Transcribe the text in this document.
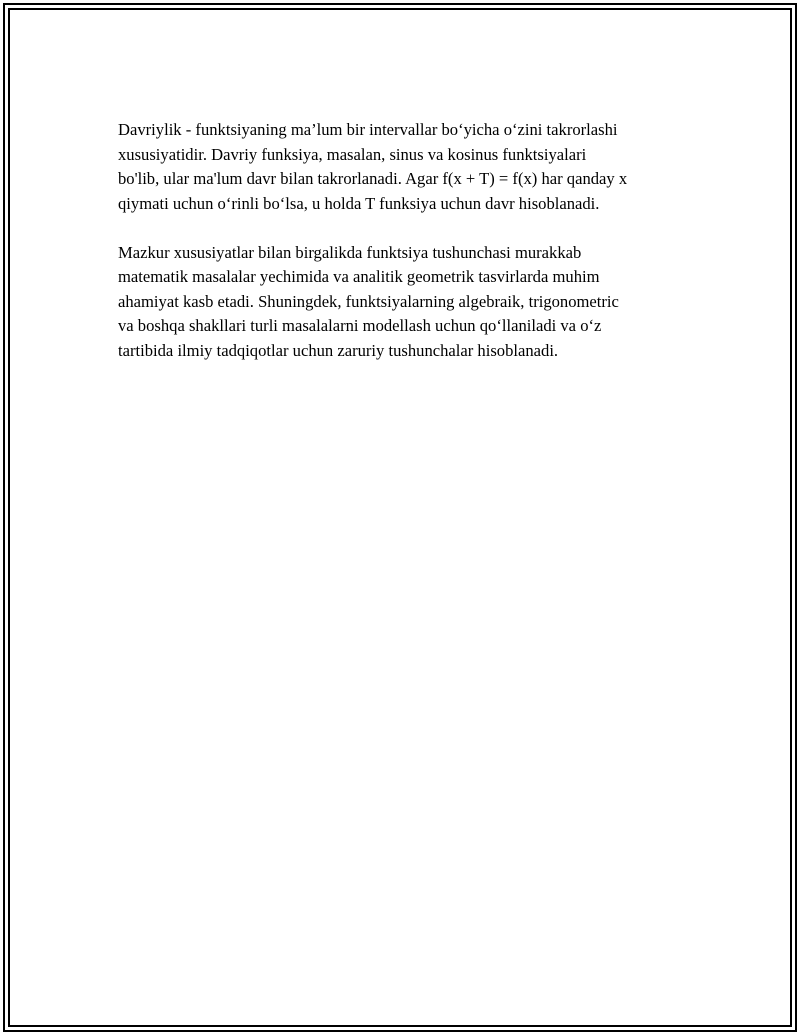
Davriylik - funktsiyaning ma’lum bir intervallar bo‘yicha o‘zini takrorlashi
xususiyatidir. Davriy funksiya, masalan, sinus va kosinus funktsiyalari
bo'lib, ular ma'lum davr bilan takrorlanadi. Agar f(x + T) = f(x) har qanday x
qiymati uchun o‘rinli bo‘lsa, u holda T funksiya uchun davr hisoblanadi.
Mazkur xususiyatlar bilan birgalikda funktsiya tushunchasi murakkab
matematik masalalar yechimida va analitik geometrik tasvirlarda muhim
ahamiyat kasb etadi. Shuningdek, funktsiyalarning algebraik, trigonometric
va boshqa shakllari turli masalalarni modellash uchun qo‘llaniladi va o‘z
tartibida ilmiy tadqiqotlar uchun zaruriy tushunchalar hisoblanadi.
